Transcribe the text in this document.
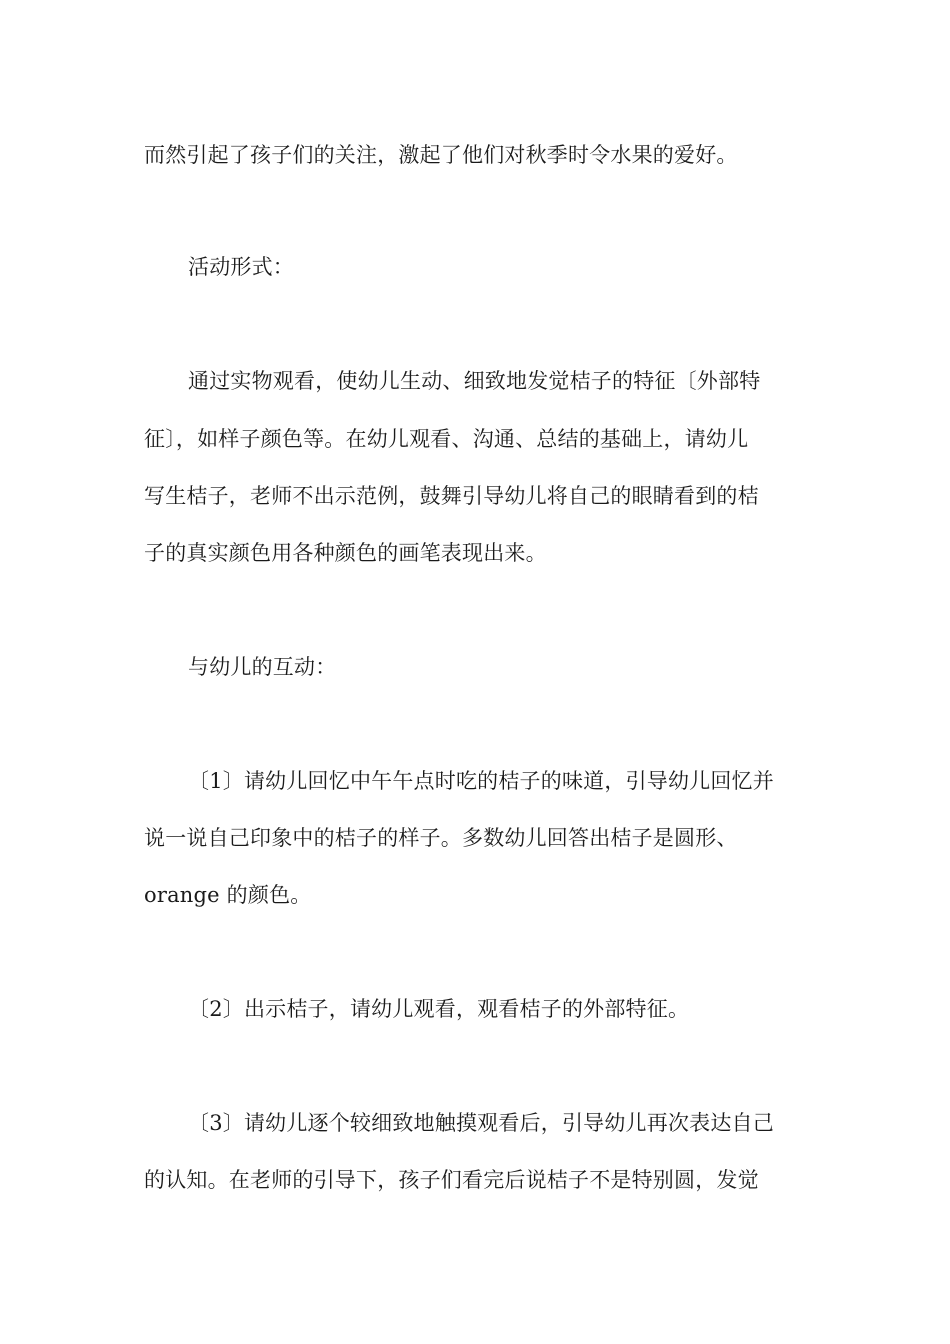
而然引起了孩子们的关注，激起了他们对秋季时令水果的爱好。
活动形式：
通过实物观看，使幼儿生动、细致地发觉桔子的特征〔外部特
征〕，如样子颜色等。在幼儿观看、沟通、总结的基础上，请幼儿
写生桔子，老师不出示范例，鼓舞引导幼儿将自己的眼睛看到的桔
子的真实颜色用各种颜色的画笔表现出来。
与幼儿的互动：
〔1〕请幼儿回忆中午午点时吃的桔子的味道，引导幼儿回忆并
说一说自己印象中的桔子的样子。多数幼儿回答出桔子是圆形、
orange 的颜色。
〔2〕出示桔子，请幼儿观看，观看桔子的外部特征。
〔3〕请幼儿逐个较细致地触摸观看后，引导幼儿再次表达自己
的认知。在老师的引导下，孩子们看完后说桔子不是特别圆，发觉
